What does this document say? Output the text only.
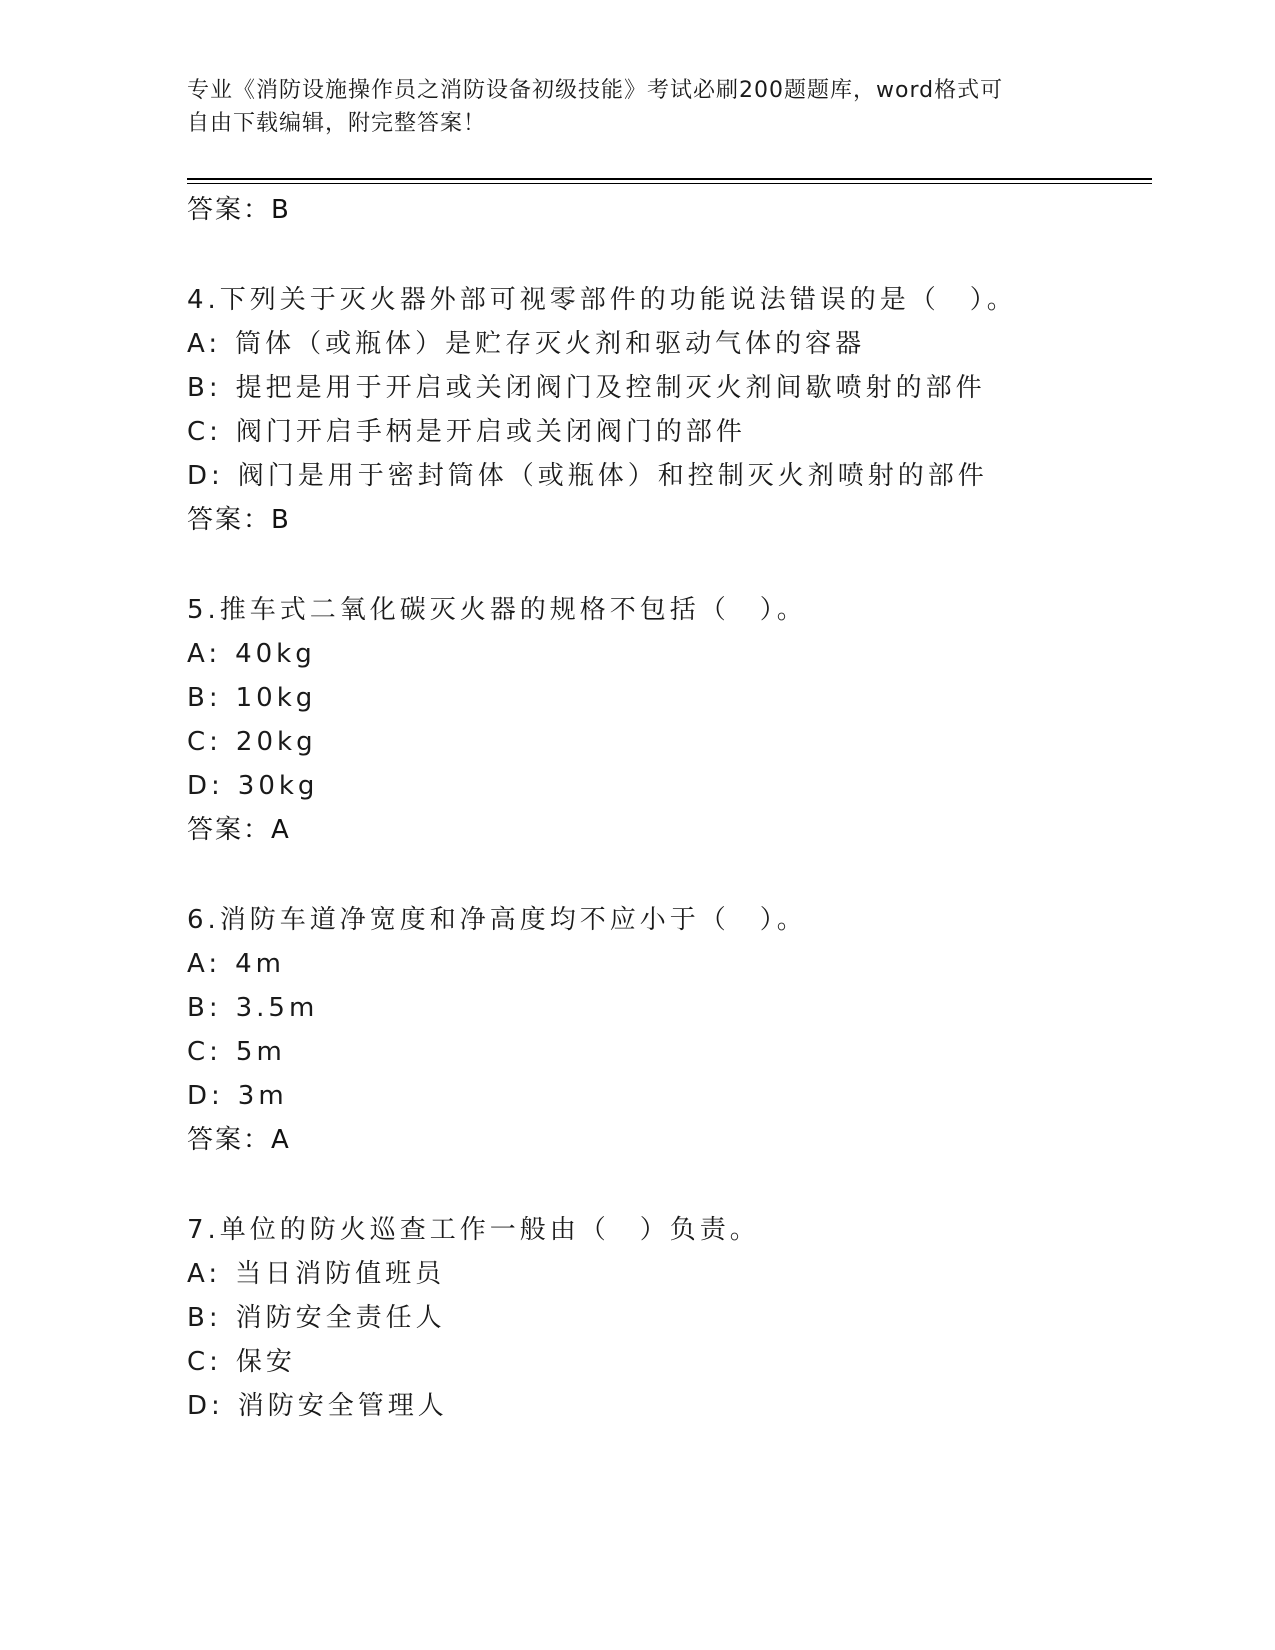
专业《消防设施操作员之消防设备初级技能》考试必刷200题题库，word格式可
自由下载编辑，附完整答案！
答案：B
4.下列关于灭火器外部可视零部件的功能说法错误的是（　）。
A: 筒体（或瓶体）是贮存灭火剂和驱动气体的容器
B: 提把是用于开启或关闭阀门及控制灭火剂间歇喷射的部件
C: 阀门开启手柄是开启或关闭阀门的部件
D: 阀门是用于密封筒体（或瓶体）和控制灭火剂喷射的部件
答案：B
5.推车式二氧化碳灭火器的规格不包括（　）。
A: 40kg
B: 10kg
C: 20kg
D: 30kg
答案：A
6.消防车道净宽度和净高度均不应小于（　）。
A: 4m
B: 3.5m
C: 5m
D: 3m
答案：A
7.单位的防火巡查工作一般由（　）负责。
A: 当日消防值班员
B: 消防安全责任人
C: 保安
D: 消防安全管理人
